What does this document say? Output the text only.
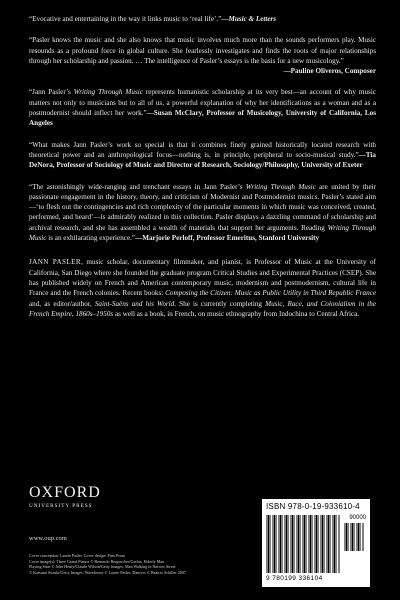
“Evocative and entertaining in the way it links music to ‘real life’.”—Music & Letters

“Pasler knows the music and she also knows that music involves much more than the sounds performers play. Music resounds as a profound force in global culture. She fearlessly investigates and finds the roots of major relationships through her scholarship and passion. … The intelligence of Pasler’s essays is the basis for a new musicology.”
—Pauline Oliveros, Composer

“Jann Pasler’s Writing Through Music represents humanistic scholarship at its very best—an account of why music matters not only to musicians but to all of us, a powerful explanation of why her identifications as a woman and as a postmodernist should inflect her work.”—Susan McClary, Professor of Musicology, University of California, Los Angeles

“What makes Jann Pasler’s work so special is that it combines finely grained historically located research with theoretical power and an anthropological focus—nothing is, in principle, peripheral to socio-musical study.”—Tia DeNora, Professor of Sociology of Music and Director of Research, Sociology/Philosophy, University of Exeter

“The astonishingly wide-ranging and trenchant essays in Jann Pasler’s Writing Through Music are united by their passionate engagement in the history, theory, and criticism of Modernist and Postmodernist musics. Pasler’s stated aim—‘to flesh out the contingencies and rich complexity of the particular moments in which music was conceived, created, performed, and heard’—is admirably realized in this collection. Pasler displays a dazzling command of scholarship and archival research, and she has assembled a wealth of materials that support her arguments. Reading Writing Through Music is an exhilarating experience.”—Marjorie Perloff, Professor Emeritus, Stanford University

JANN PASLER, music scholar, documentary filmmaker, and pianist, is Professor of Music at the University of California, San Diego where she founded the graduate program Critical Studies and Experimental Practices (CSEP). She has published widely on French and American contemporary music, modernism and postmodernism, cultural life in France and the French colonies. Recent books: Composing the Citizen: Music as Public Utility in Third Republic France and, as editor/author, Saint-Saëns and his World. She is currently completing Music, Race, and Colonialism in the French Empire, 1860s–1950s as well as a book, in French, on music ethnography from Indochina to Central Africa.

OXFORD
UNIVERSITY PRESS
www.oup.com
Cover conception: Laurie Pasler. Cover design: Pam Pease
Cover image(s): Three Grand Pianos © Bernardo Bergeucher/Corbis; Elderly Man
Playing Sitar © John Henry/Claude Wilson/Getty Images; Man Walking in Narrow Street
© Katsumi Suzuki/Getty Images; Waveforms © Laurie Pasler; Dancers © Beatrix Schiller 2007.
ISBN 978-0-19-933610-4
90000
9 780199 336104
